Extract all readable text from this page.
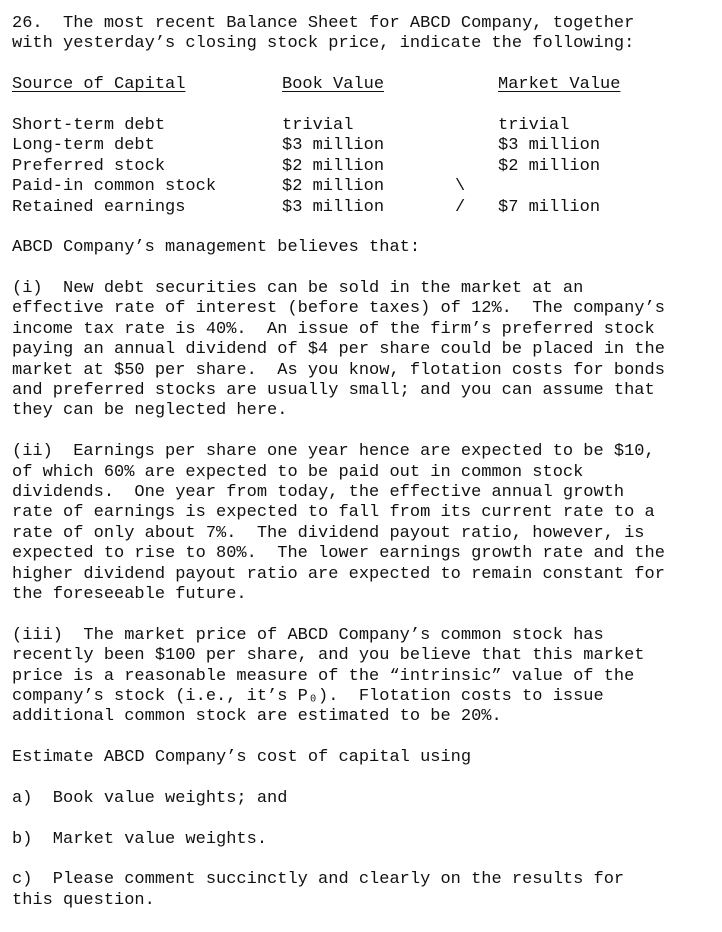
26.  The most recent Balance Sheet for ABCD Company, together
with yesterday’s closing stock price, indicate the following:
Source of Capital	Book Value	Market Value
Short-term debt	trivial	trivial
Long-term debt	$3 million	$3 million
Preferred stock	$2 million	$2 million
Paid-in common stock	$2 million	\
Retained earnings	$3 million	/ $7 million
ABCD Company’s management believes that:
(i)  New debt securities can be sold in the market at an
effective rate of interest (before taxes) of 12%.  The company’s
income tax rate is 40%.  An issue of the firm’s preferred stock
paying an annual dividend of $4 per share could be placed in the
market at $50 per share.  As you know, flotation costs for bonds
and preferred stocks are usually small; and you can assume that
they can be neglected here.
(ii)  Earnings per share one year hence are expected to be $10,
of which 60% are expected to be paid out in common stock
dividends.  One year from today, the effective annual growth
rate of earnings is expected to fall from its current rate to a
rate of only about 7%.  The dividend payout ratio, however, is
expected to rise to 80%.  The lower earnings growth rate and the
higher dividend payout ratio are expected to remain constant for
the foreseeable future.
(iii)  The market price of ABCD Company’s common stock has
recently been $100 per share, and you believe that this market
price is a reasonable measure of the “intrinsic” value of the
company’s stock (i.e., it’s P₀).  Flotation costs to issue
additional common stock are estimated to be 20%.
Estimate ABCD Company’s cost of capital using
a)  Book value weights; and
b)  Market value weights.
c)  Please comment succinctly and clearly on the results for
this question.
